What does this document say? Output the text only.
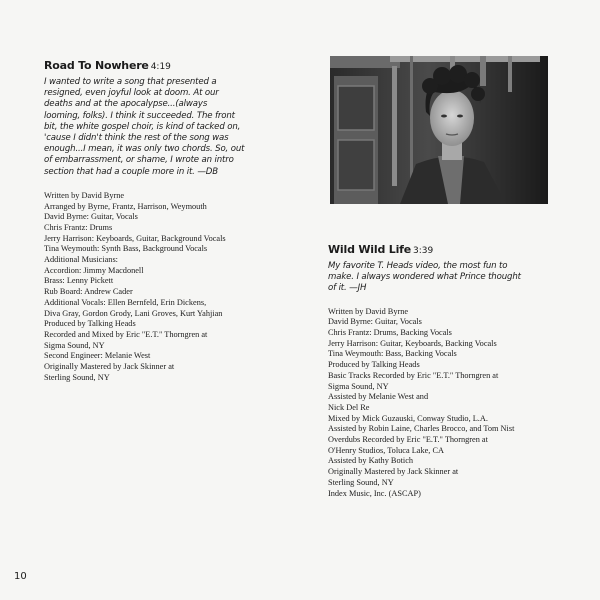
Road To Nowhere 4:19
I wanted to write a song that presented a
resigned, even joyful look at doom. At our
deaths and at the apocalypse...(always
looming, folks). I think it succeeded. The front
bit, the white gospel choir, is kind of tacked on,
'cause I didn't think the rest of the song was
enough...I mean, it was only two chords. So, out
of embarrassment, or shame, I wrote an intro
section that had a couple more in it. —DB
Written by David Byrne
Arranged by Byrne, Frantz, Harrison, Weymouth
David Byrne: Guitar, Vocals
Chris Frantz: Drums
Jerry Harrison: Keyboards, Guitar, Background Vocals
Tina Weymouth: Synth Bass, Background Vocals
Additional Musicians:
Accordion: Jimmy Macdonell
Brass: Lenny Pickett
Rub Board: Andrew Cader
Additional Vocals: Ellen Bernfeld, Erin Dickens,
Diva Gray, Gordon Grody, Lani Groves, Kurt Yahjian
Produced by Talking Heads
Recorded and Mixed by Eric "E.T." Thorngren at
Sigma Sound, NY
Second Engineer: Melanie West
Originally Mastered by Jack Skinner at
Sterling Sound, NY
Wild Wild Life 3:39
My favorite T. Heads video, the most fun to
make. I always wondered what Prince thought
of it. —JH
Written by David Byrne
David Byrne: Guitar, Vocals
Chris Frantz: Drums, Backing Vocals
Jerry Harrison: Guitar, Keyboards, Backing Vocals
Tina Weymouth: Bass, Backing Vocals
Produced by Talking Heads
Basic Tracks Recorded by Eric "E.T." Thorngren at
Sigma Sound, NY
Assisted by Melanie West and
Nick Del Re
Mixed by Mick Guzauski, Conway Studio, L.A.
Assisted by Robin Laine, Charles Brocco, and Tom Nist
Overdubs Recorded by Eric "E.T." Thorngren at
O'Henry Studios, Toluca Lake, CA
Assisted by Kathy Botich
Originally Mastered by Jack Skinner at
Sterling Sound, NY
Index Music, Inc. (ASCAP)
10
